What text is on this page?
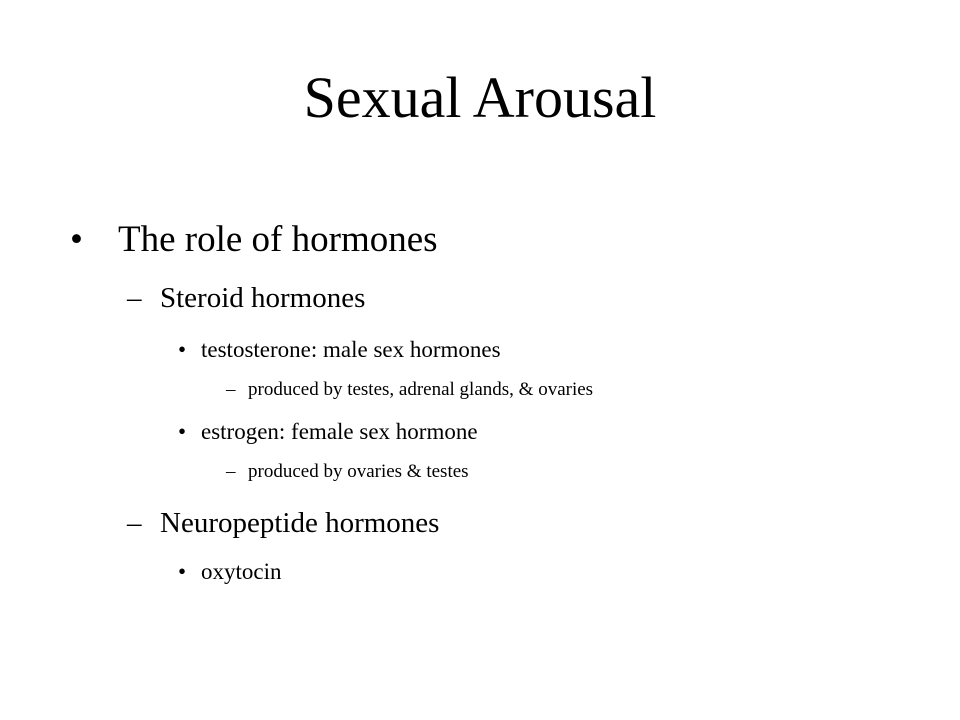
Sexual Arousal
• The role of hormones
– Steroid hormones
• testosterone: male sex hormones
– produced by testes, adrenal glands, & ovaries
• estrogen: female sex hormone
– produced by ovaries & testes
– Neuropeptide hormones
• oxytocin
